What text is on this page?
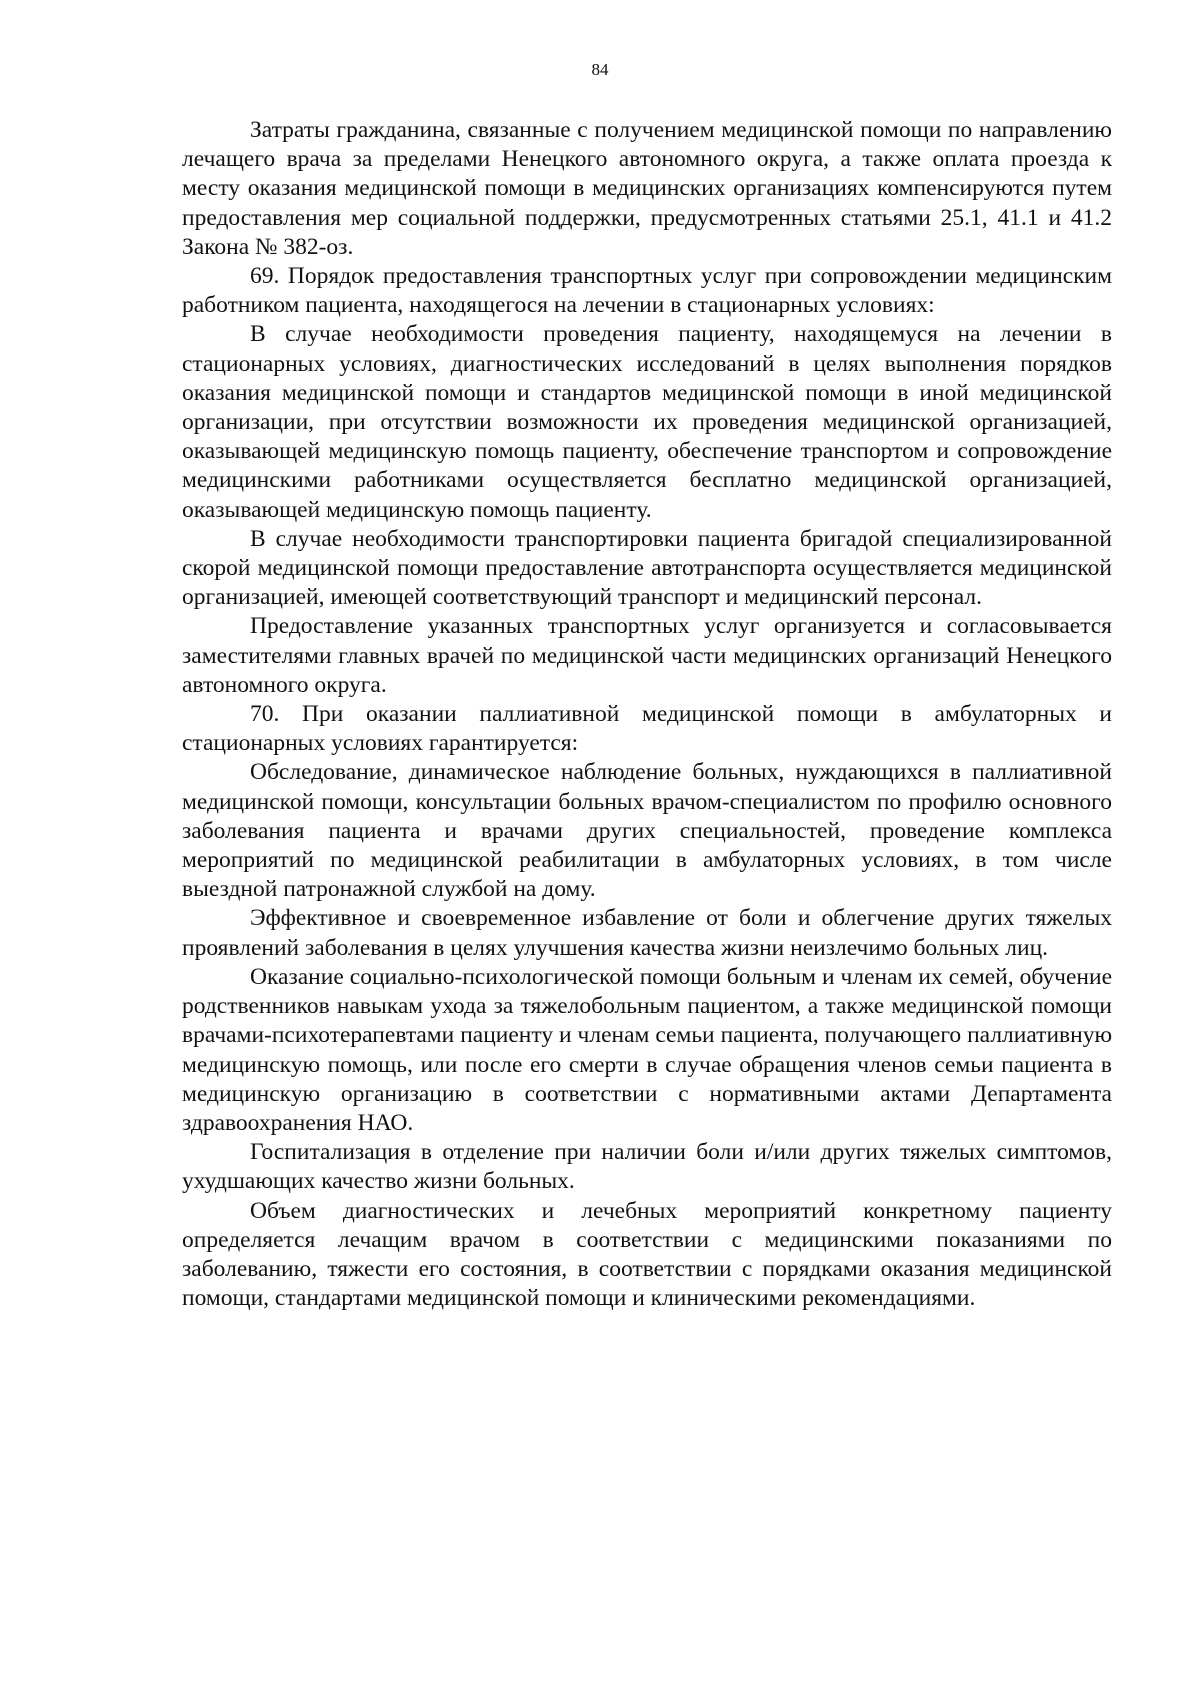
84

Затраты гражданина, связанные с получением медицинской помощи по направлению лечащего врача за пределами Ненецкого автономного округа, а также оплата проезда к месту оказания медицинской помощи в медицинских организациях компенсируются путем предоставления мер социальной поддержки, предусмотренных статьями 25.1, 41.1 и 41.2 Закона № 382-оз.

69. Порядок предоставления транспортных услуг при сопровождении медицинским работником пациента, находящегося на лечении в стационарных условиях:

В случае необходимости проведения пациенту, находящемуся на лечении в стационарных условиях, диагностических исследований в целях выполнения порядков оказания медицинской помощи и стандартов медицинской помощи в иной медицинской организации, при отсутствии возможности их проведения медицинской организацией, оказывающей медицинскую помощь пациенту, обеспечение транспортом и сопровождение медицинскими работниками осуществляется бесплатно медицинской организацией, оказывающей медицинскую помощь пациенту.

В случае необходимости транспортировки пациента бригадой специализированной скорой медицинской помощи предоставление автотранспорта осуществляется медицинской организацией, имеющей соответствующий транспорт и медицинский персонал.

Предоставление указанных транспортных услуг организуется и согласовывается заместителями главных врачей по медицинской части медицинских организаций Ненецкого автономного округа.

70. При оказании паллиативной медицинской помощи в амбулаторных и стационарных условиях гарантируется:

Обследование, динамическое наблюдение больных, нуждающихся в паллиативной медицинской помощи, консультации больных врачом-специалистом по профилю основного заболевания пациента и врачами других специальностей, проведение комплекса мероприятий по медицинской реабилитации в амбулаторных условиях, в том числе выездной патронажной службой на дому.

Эффективное и своевременное избавление от боли и облегчение других тяжелых проявлений заболевания в целях улучшения качества жизни неизлечимо больных лиц.

Оказание социально-психологической помощи больным и членам их семей, обучение родственников навыкам ухода за тяжелобольным пациентом, а также медицинской помощи врачами-психотерапевтами пациенту и членам семьи пациента, получающего паллиативную медицинскую помощь, или после его смерти в случае обращения членов семьи пациента в медицинскую организацию в соответствии с нормативными актами Департамента здравоохранения НАО.

Госпитализация в отделение при наличии боли и/или других тяжелых симптомов, ухудшающих качество жизни больных.

Объем диагностических и лечебных мероприятий конкретному пациенту определяется лечащим врачом в соответствии с медицинскими показаниями по заболеванию, тяжести его состояния, в соответствии с порядками оказания медицинской помощи, стандартами медицинской помощи и клиническими рекомендациями.
